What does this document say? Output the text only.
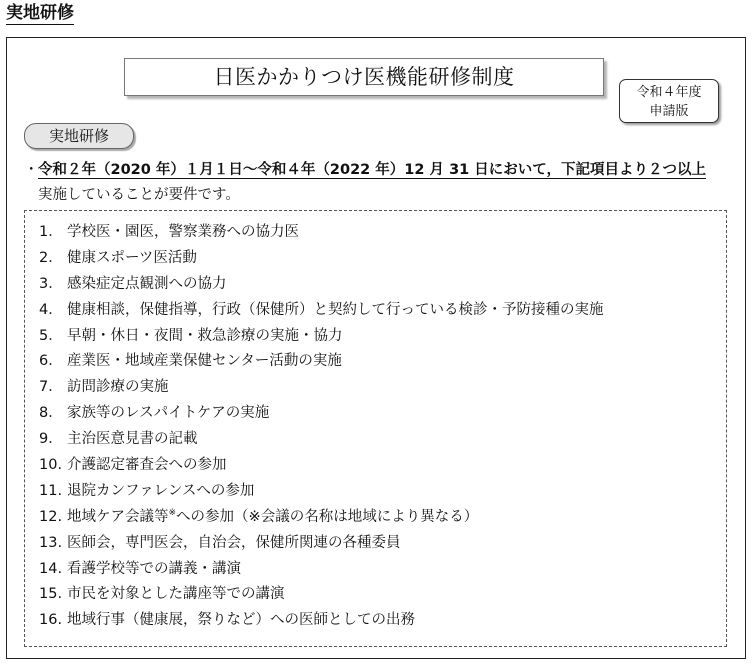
実地研修
日医かかりつけ医機能研修制度
令和４年度
申請版
実地研修
・令和２年（2020 年）１月１日～令和４年（2022 年）12 月 31 日において，下記項目より２つ以上
実施していることが要件です。
1． 学校医・園医，警察業務への協力医
2． 健康スポーツ医活動
3． 感染症定点観測への協力
4． 健康相談，保健指導，行政（保健所）と契約して行っている検診・予防接種の実施
5． 早朝・休日・夜間・救急診療の実施・協力
6． 産業医・地域産業保健センター活動の実施
7． 訪問診療の実施
8． 家族等のレスパイトケアの実施
9． 主治医意見書の記載
10. 介護認定審査会への参加
11. 退院カンファレンスへの参加
12. 地域ケア会議等※への参加（※会議の名称は地域により異なる）
13. 医師会，専門医会，自治会，保健所関連の各種委員
14. 看護学校等での講義・講演
15. 市民を対象とした講座等での講演
16. 地域行事（健康展，祭りなど）への医師としての出務
